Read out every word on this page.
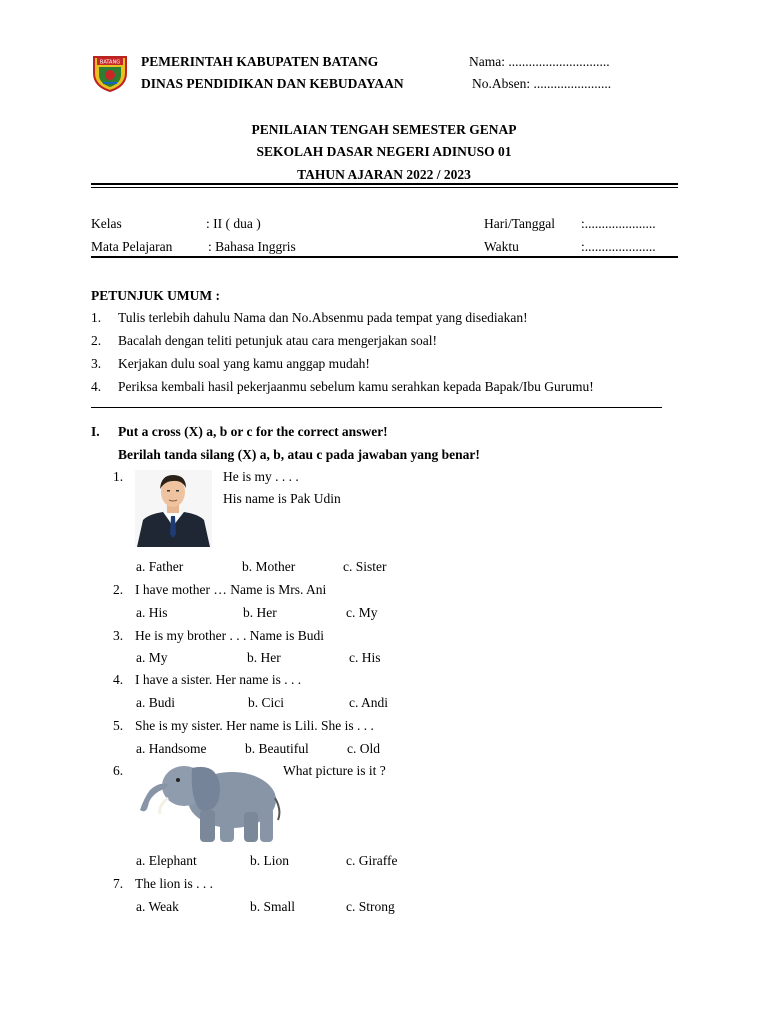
BATANG PEMERINTAH KABUPATEN BATANG
DINAS PENDIDIKAN DAN KEBUDAYAAN
Nama: ..............................
No.Absen: .......................
PENILAIAN TENGAH SEMESTER GENAP
SEKOLAH DASAR NEGERI ADINUSO 01
TAHUN AJARAN 2022 / 2023
Kelas	: II ( dua )
Mata Pelajaran	: Bahasa Inggris
Hari/Tanggal :.....................
Waktu	:.....................
PETUNJUK UMUM :
1. Tulis terlebih dahulu Nama dan No.Absenmu pada tempat yang disediakan!
2. Bacalah dengan teliti petunjuk atau cara mengerjakan soal!
3. Kerjakan dulu soal yang kamu anggap mudah!
4. Periksa kembali hasil pekerjaanmu sebelum kamu serahkan kepada Bapak/Ibu Gurumu!
I. Put a cross (X) a, b or c for the correct answer!
Berilah tanda silang (X) a, b, atau c pada jawaban yang benar!
1.	He is my . . . .
His name is Pak Udin
a. Father	b. Mother	c. Sister
2. I have mother … Name is Mrs. Ani
a. His	b. Her	c. My
3. He is my brother . . . Name is Budi
a. My	b. Her	c. His
4. I have a sister. Her name is . . .
a. Budi	b. Cici	c. Andi
5. She is my sister. Her name is Lili. She is . . .
a. Handsome	b. Beautiful	c. Old
6.	What picture is it ?
a. Elephant	b. Lion	c. Giraffe
7. The lion is . . .
a. Weak	b. Small	c. Strong
